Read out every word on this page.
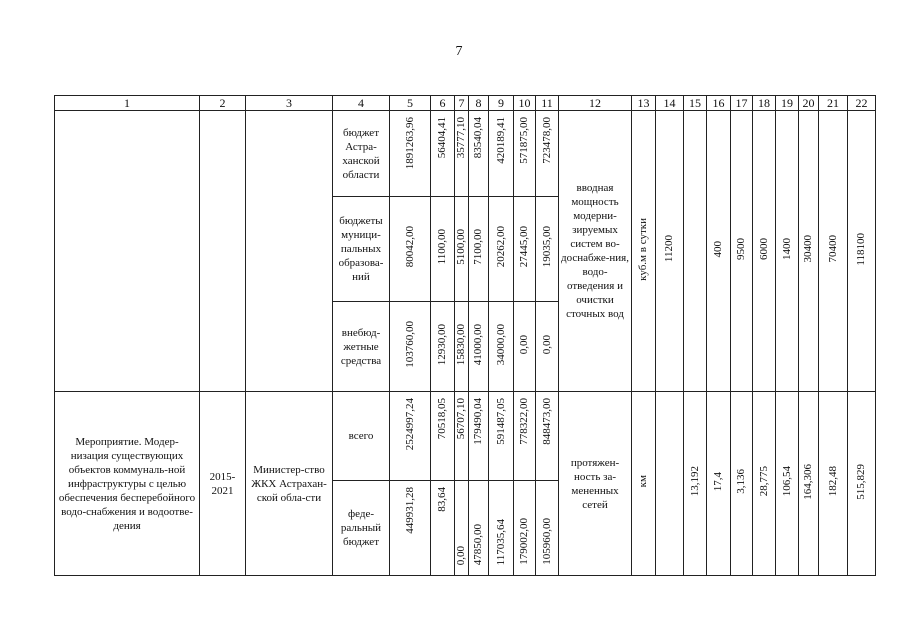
7
1	2	3	4	5	6	7	8	9	10	11	12	13	14	15	16	17	18	19	20	21	22

			бюджет Астра-ханской области	1891263,96	56404,41	35777,10	83540,04	420189,41	571875,00	723478,00	вводная мощность модерни-зируемых систем во-доснабже-ния, водо-отведения и очистки сточных вод	куб.м в сутки	11200		400	9500	6000	1400	30400	70400	118100

			бюджеты муници-пальных образова-ний	80042,00	1100,00	5100,00	7100,00	20262,00	27445,00	19035,00											

			внебюд-жетные средства	103760,00	12930,00	15830,00	41000,00	34000,00	0,00	0,00											

Мероприятие. Модер-низация существующих объектов коммуналь-ной инфраструктуры с целью обеспечения бесперебойного водо-снабжения и водоотве-дения	2015-2021	Министер-ство ЖКХ Астрахан-ской обла-сти	всего	2524997,24	70518,05	56707,10	179490,04	591487,05	778322,00	848473,00	протяжен-ность за-мененных сетей	км		13,192	17,4	3,136	28,775	106,54	164,306	182,48	515,829

			феде-ральный бюджет	449931,28	83,64	0,00	47850,00	117035,64	179002,00	105960,00											
